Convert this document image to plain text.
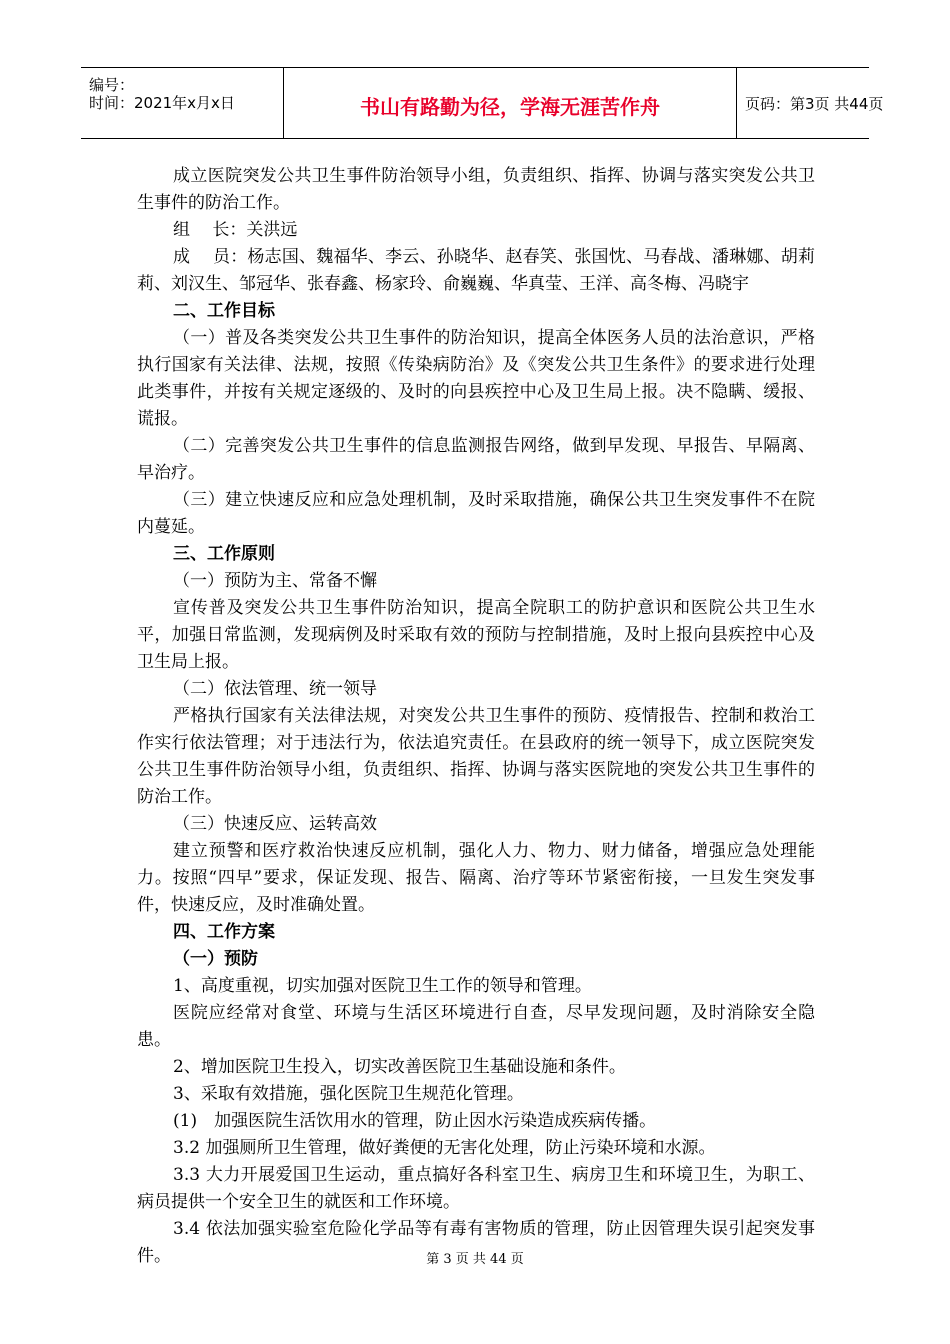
编号：
时间：2021年x月x日	书山有路勤为径，学海无涯苦作舟	页码：第3页 共44页

成立医院突发公共卫生事件防治领导小组，负责组织、指挥、协调与落实突发公共卫生事件的防治工作。

组　 长：关洪远

成　 员：杨志国、魏福华、李云、孙晓华、赵春笑、张国忱、马春战、潘琳娜、胡莉莉、刘汉生、邹冠华、张春鑫、杨家玲、俞巍巍、华真莹、王洋、高冬梅、冯晓宇

二、工作目标

（一）普及各类突发公共卫生事件的防治知识，提高全体医务人员的法治意识，严格执行国家有关法律、法规，按照《传染病防治》及《突发公共卫生条件》的要求进行处理此类事件，并按有关规定逐级的、及时的向县疾控中心及卫生局上报。决不隐瞒、缓报、谎报。

（二）完善突发公共卫生事件的信息监测报告网络，做到早发现、早报告、早隔离、早治疗。

（三）建立快速反应和应急处理机制，及时采取措施，确保公共卫生突发事件不在院内蔓延。

三、工作原则

（一）预防为主、常备不懈

宣传普及突发公共卫生事件防治知识，提高全院职工的防护意识和医院公共卫生水平，加强日常监测，发现病例及时采取有效的预防与控制措施，及时上报向县疾控中心及卫生局上报。

（二）依法管理、统一领导

严格执行国家有关法律法规，对突发公共卫生事件的预防、疫情报告、控制和救治工作实行依法管理；对于违法行为，依法追究责任。在县政府的统一领导下，成立医院突发公共卫生事件防治领导小组，负责组织、指挥、协调与落实医院地的突发公共卫生事件的防治工作。

（三）快速反应、运转高效

建立预警和医疗救治快速反应机制，强化人力、物力、财力储备，增强应急处理能力。按照“四早”要求，保证发现、报告、隔离、治疗等环节紧密衔接，一旦发生突发事件，快速反应，及时准确处置。

四、工作方案

（一）预防

1、高度重视，切实加强对医院卫生工作的领导和管理。

医院应经常对食堂、环境与生活区环境进行自查，尽早发现问题，及时消除安全隐患。

2、增加医院卫生投入，切实改善医院卫生基础设施和条件。

3、采取有效措施，强化医院卫生规范化管理。

(1)　加强医院生活饮用水的管理，防止因水污染造成疾病传播。

3.2 加强厕所卫生管理，做好粪便的无害化处理，防止污染环境和水源。

3.3 大力开展爱国卫生运动，重点搞好各科室卫生、病房卫生和环境卫生，为职工、病员提供一个安全卫生的就医和工作环境。

3.4 依法加强实验室危险化学品等有毒有害物质的管理，防止因管理失误引起突发事件。	第 3 页 共 44 页
